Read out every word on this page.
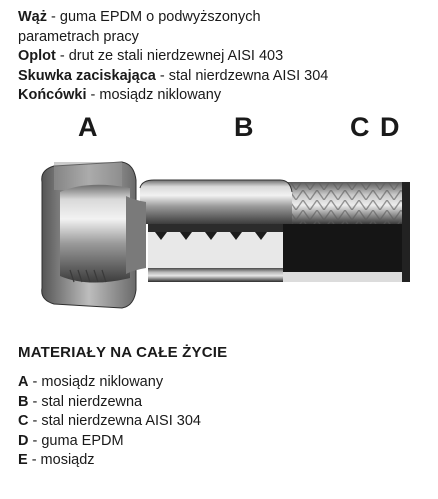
Wąż - guma EPDM o podwyższonych
parametrach pracy
Oplot - drut ze stali nierdzewnej AISI 403
Skuwka zaciskająca - stal nierdzewna AISI 304
Końcówki - mosiądz niklowany
A	B	C D
MATERIAŁY NA CAŁE ŻYCIE
A - mosiądz niklowany
B - stal nierdzewna
C - stal nierdzewna AISI 304
D - guma EPDM
E - mosiądz
